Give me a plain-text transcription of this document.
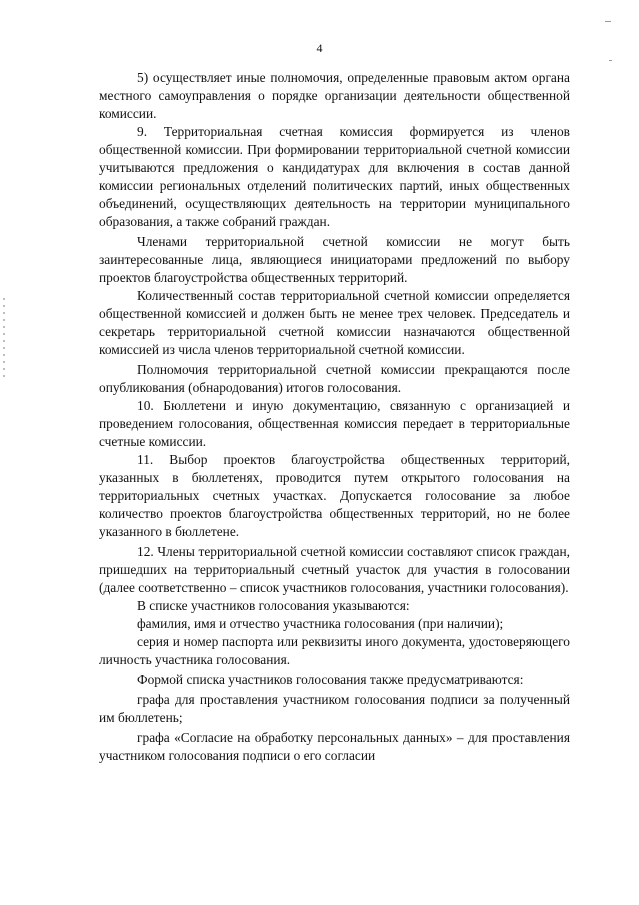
4

5) осуществляет иные полномочия, определенные правовым актом органа местного самоуправления о порядке организации деятельности общественной комиссии.

9. Территориальная счетная комиссия формируется из членов общественной комиссии. При формировании территориальной счетной комиссии учитываются предложения о кандидатурах для включения в состав данной комиссии региональных отделений политических партий, иных общественных объединений, осуществляющих деятельность на территории муниципального образования, а также собраний граждан.

Членами территориальной счетной комиссии не могут быть заинтересованные лица, являющиеся инициаторами предложений по выбору проектов благоустройства общественных территорий.

Количественный состав территориальной счетной комиссии определяется общественной комиссией и должен быть не менее трех человек. Председатель и секретарь территориальной счетной комиссии назначаются общественной комиссией из числа членов территориальной счетной комиссии.

Полномочия территориальной счетной комиссии прекращаются после опубликования (обнародования) итогов голосования.

10. Бюллетени и иную документацию, связанную с организацией и проведением голосования, общественная комиссия передает в территориальные счетные комиссии.

11. Выбор проектов благоустройства общественных территорий, указанных в бюллетенях, проводится путем открытого голосования на территориальных счетных участках. Допускается голосование за любое количество проектов благоустройства общественных территорий, но не более указанного в бюллетене.

12. Члены территориальной счетной комиссии составляют список граждан, пришедших на территориальный счетный участок для участия в голосовании (далее соответственно – список участников голосования, участники голосования).

В списке участников голосования указываются:

фамилия, имя и отчество участника голосования (при наличии);

серия и номер паспорта или реквизиты иного документа, удостоверяющего личность участника голосования.

Формой списка участников голосования также предусматриваются:

графа для проставления участником голосования подписи за полученный им бюллетень;

графа «Согласие на обработку персональных данных» – для проставления участником голосования подписи о его согласии
